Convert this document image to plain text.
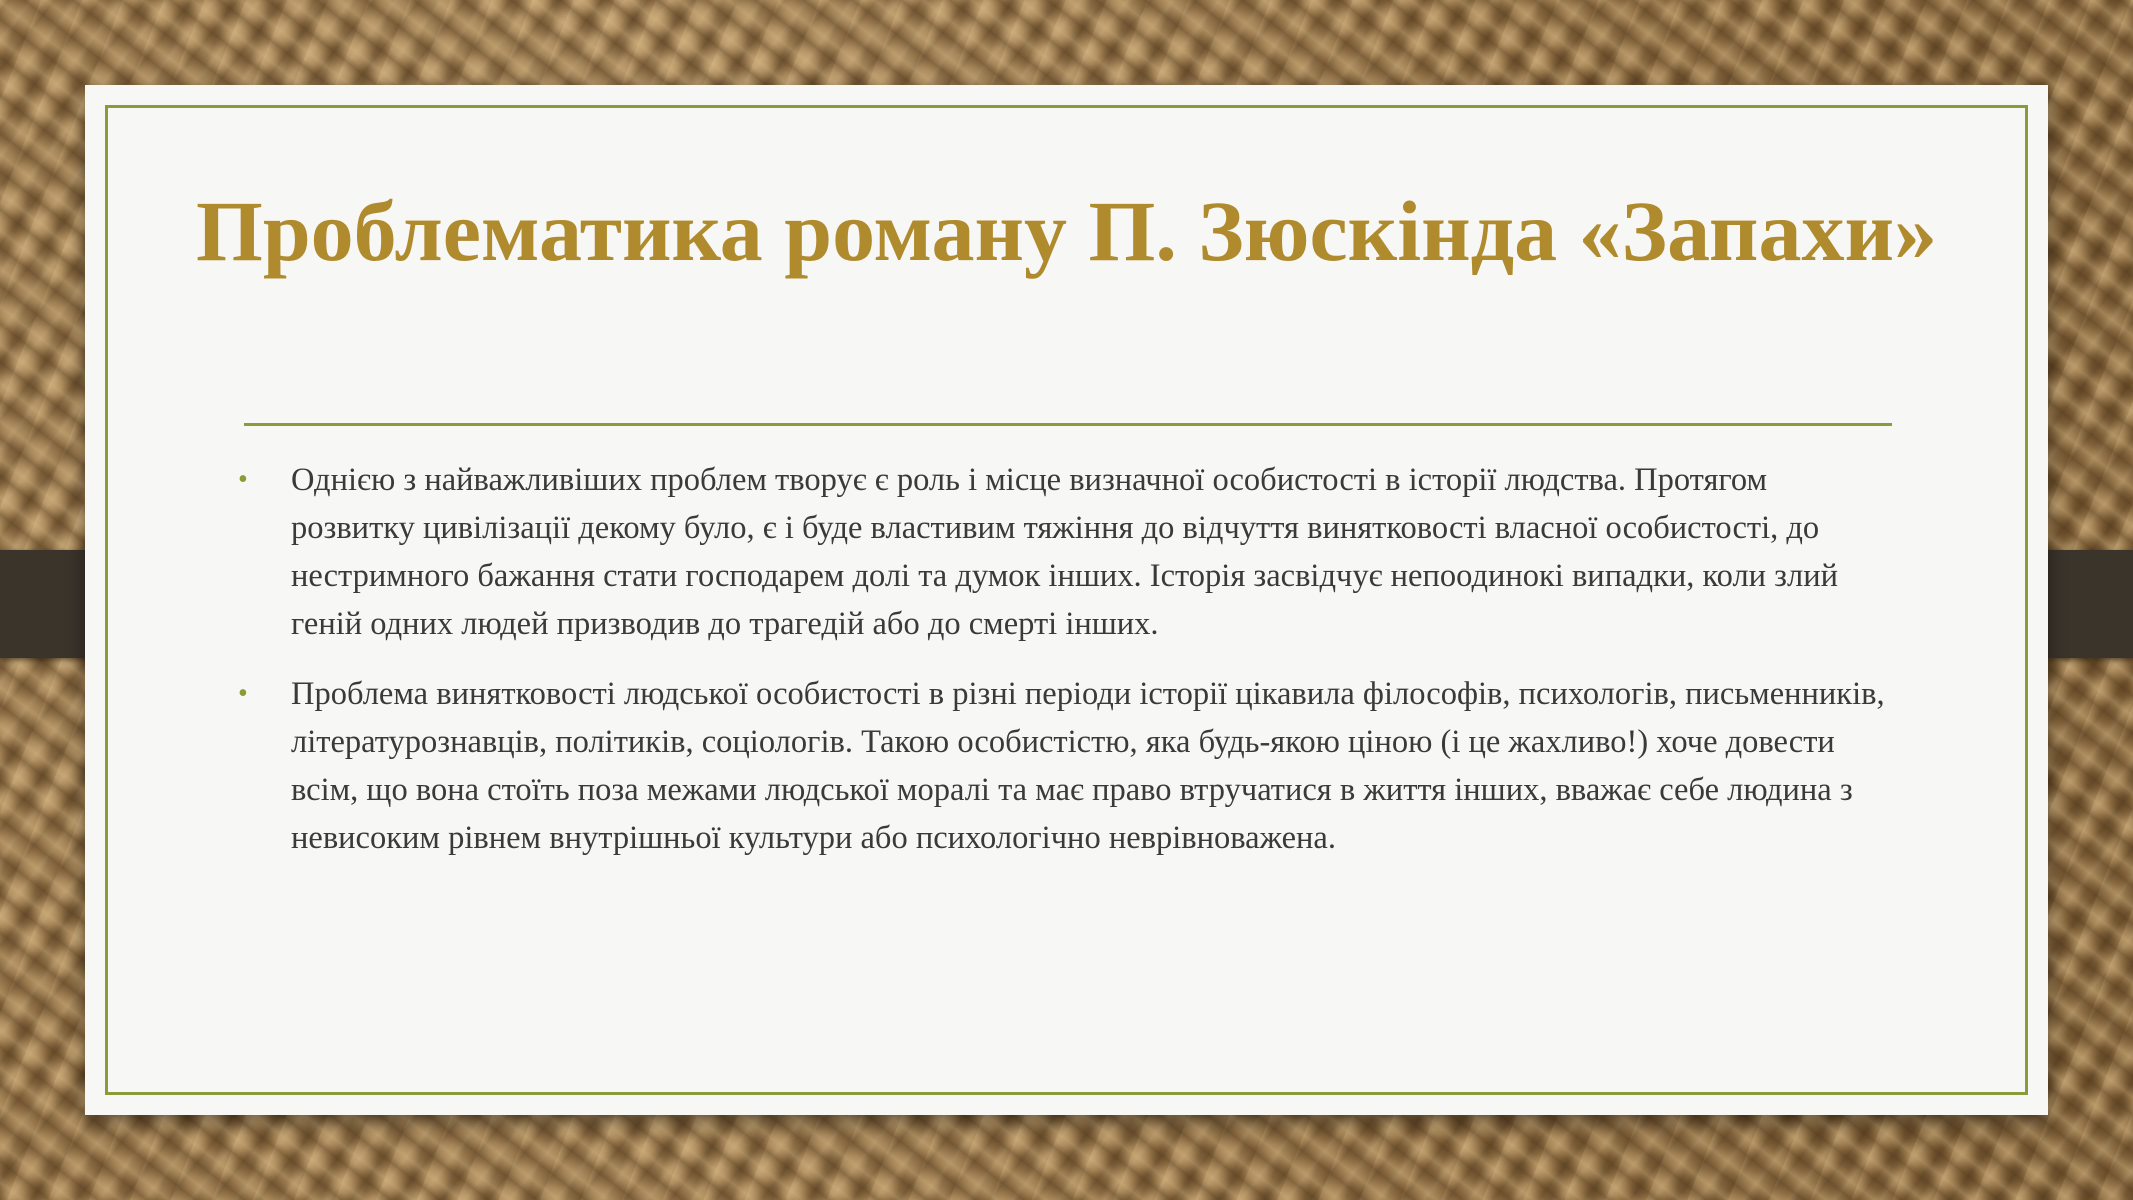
Проблематика роману П. Зюскінда «Запахи»
• Однією з найважливіших проблем творує є роль і місце визначної особистості в історії людства. Протягом розвитку цивілізації декому було, є і буде властивим тяжіння до відчуття винятковості власної особистості, до нестримного бажання стати господарем долі та думок інших. Історія засвідчує непоодинокі випадки, коли злий геній одних людей призводив до трагедій або до смерті інших.
• Проблема винятковості людської особистості в різні періоди історії цікавила філософів, психологів, письменників, літературознавців, політиків, соціологів. Такою особистістю, яка будь-якою ціною (і це жахливо!) хоче довести всім, що вона стоїть поза межами людської моралі та має право втручатися в життя інших, вважає себе людина з невисоким рівнем внутрішньої культури або психологічно неврівноважена.
